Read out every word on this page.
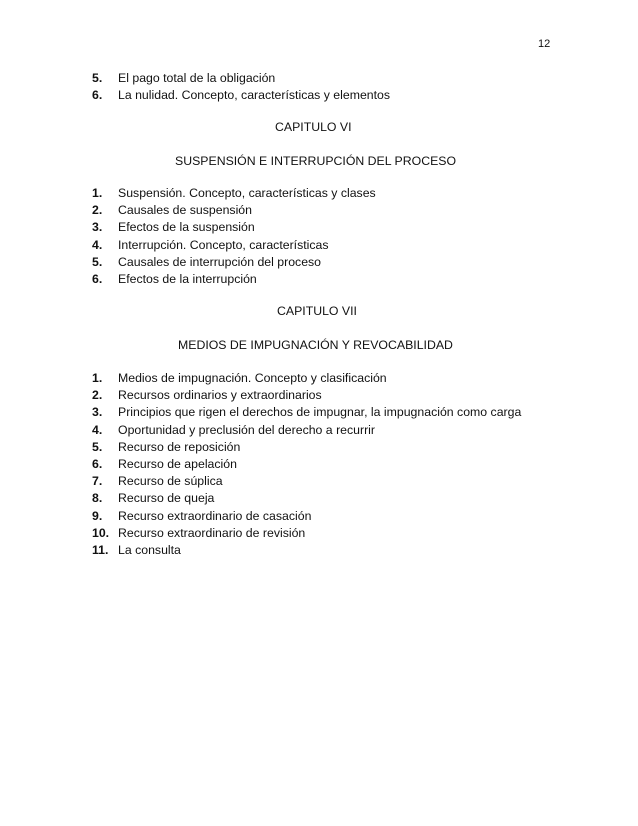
12
5.	El pago total de la obligación
6.	La nulidad. Concepto, características y elementos
CAPITULO VI
SUSPENSIÓN E INTERRUPCIÓN DEL PROCESO
1.	Suspensión. Concepto, características y clases
2.	Causales de suspensión
3.	Efectos de la suspensión
4.	Interrupción. Concepto, características
5.	Causales de interrupción del proceso
6.	Efectos de la interrupción
CAPITULO VII
MEDIOS DE IMPUGNACIÓN Y REVOCABILIDAD
1.	Medios de impugnación. Concepto y clasificación
2.	Recursos ordinarios y extraordinarios
3.	Principios que rigen el derechos de impugnar, la impugnación como carga
4.	Oportunidad y preclusión del derecho a recurrir
5.	Recurso de reposición
6.	Recurso de apelación
7.	Recurso de súplica
8.	Recurso de queja
9.	Recurso extraordinario de casación
10. Recurso extraordinario de revisión
11. La consulta
